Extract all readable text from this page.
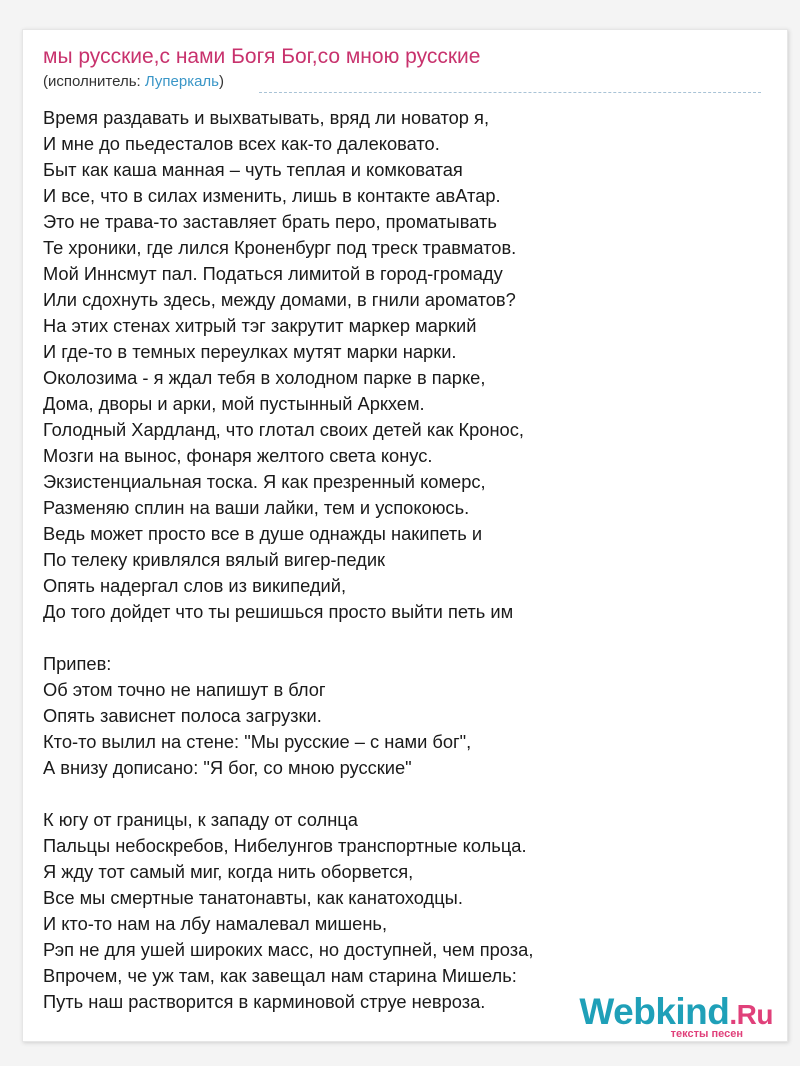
мы русские,с нами Богя Бог,со мною русские
(исполнитель: Луперкаль)
Время раздавать и выхватывать, вряд ли новатор я,
И мне до пьедесталов всех как-то далековато.
Быт как каша манная – чуть теплая и комковатая
И все, что в силах изменить, лишь в контакте авАтар.
Это не трава-то заставляет брать перо, проматывать
Те хроники, где лился Кроненбург под треск травматов.
Мой Иннсмут пал. Податься лимитой в город-громаду
Или сдохнуть здесь, между домами, в гнили ароматов?
На этих стенах хитрый тэг закрутит маркер маркий
И где-то в темных переулках мутят марки нарки.
Околозима - я ждал тебя в холодном парке в парке,
Дома, дворы и арки, мой пустынный Аркхем.
Голодный Хардланд, что глотал своих детей как Кронос,
Мозги на вынос, фонаря желтого света конус.
Экзистенциальная тоска. Я как презренный комерс,
Разменяю сплин на ваши лайки, тем и успокоюсь.
Ведь может просто все в душе однажды накипеть и
По телеку кривлялся вялый вигер-педик
Опять надергал слов из википедий,
До того дойдет что ты решишься просто выйти петь им
Припев:
Об этом точно не напишут в блог
Опять зависнет полоса загрузки.
Кто-то вылил на стене: "Мы русские – с нами бог",
А внизу дописано: "Я бог, со мною русские"
К югу от границы, к западу от солнца
Пальцы небоскребов, Нибелунгов транспортные кольца.
Я жду тот самый миг, когда нить оборвется,
Все мы смертные танатонавты, как канатоходцы.
И кто-то нам на лбу намалевал мишень,
Рэп не для ушей широких масс, но доступней, чем проза,
Впрочем, че уж там, как завещал нам старина Мишель:
Путь наш растворится в карминовой струе невроза.	Webkind.Ru
тексты песен
